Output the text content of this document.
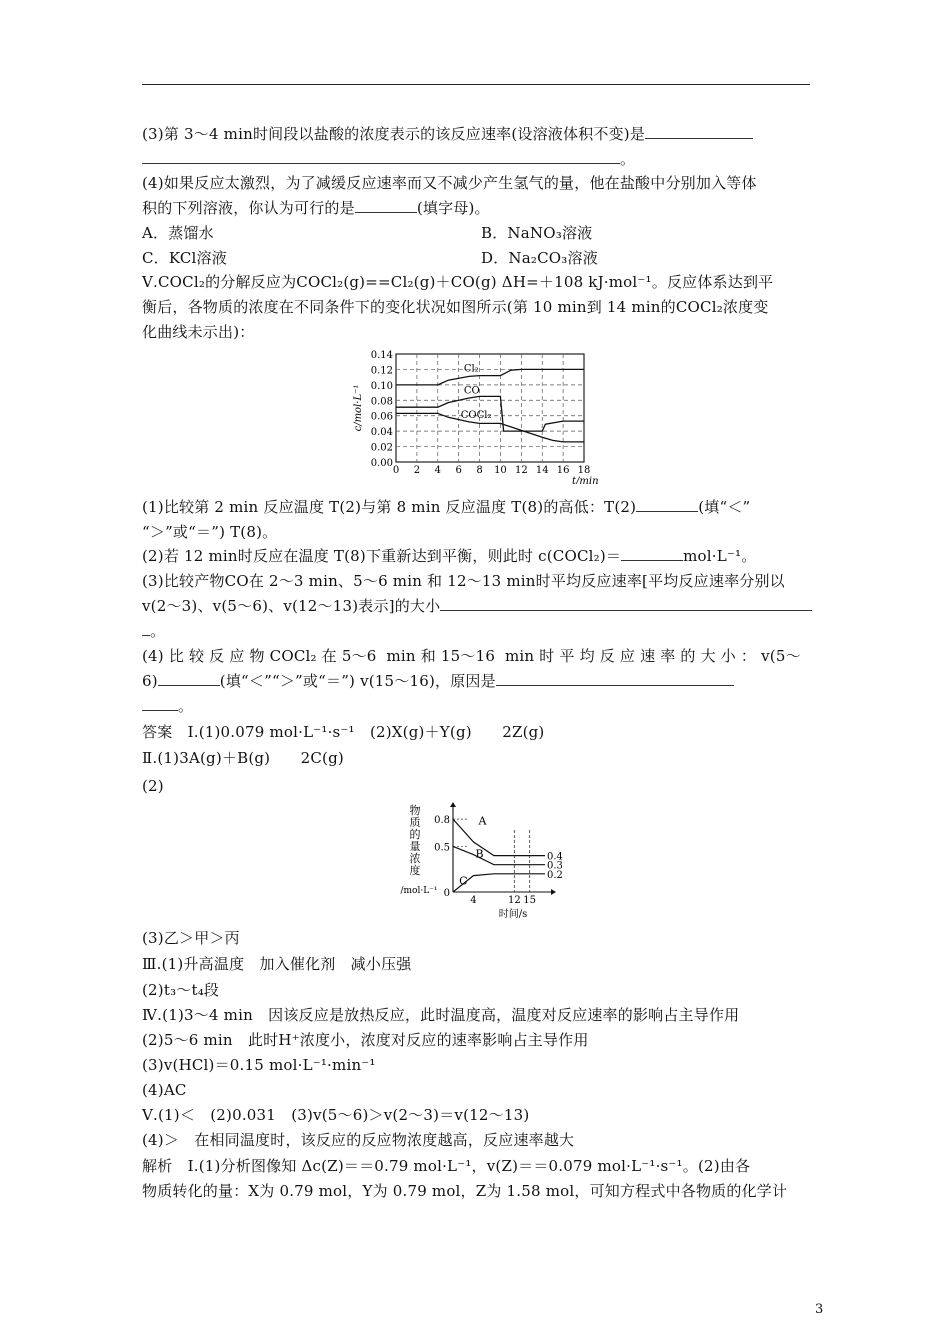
(3)第 3～4 min时间段以盐酸的浓度表示的该反应速率(设溶液体积不变)是
。
(4)如果反应太激烈，为了减缓反应速率而又不减少产生氢气的量，他在盐酸中分别加入等体
积的下列溶液，你认为可行的是	(填字母)。
A．蒸馏水	B．NaNO₃溶液
C．KCl溶液	D．Na₂CO₃溶液
Ⅴ.COCl₂的分解反应为COCl₂(g)==Cl₂(g)＋CO(g) ΔH=＋108 kJ·mol⁻¹。反应体系达到平
衡后，各物质的浓度在不同条件下的变化状况如图所示(第 10 min到 14 min的COCl₂浓度变
化曲线未示出)：
0.00
0.02
0.04
0.06
0.08
0.10
0.12
0.14
0 2 4 6 8 10 12 14 16 18
t/min
c/mol·L⁻¹
Cl₂
CO
COCl₂
(1)比较第 2 min 反应温度 T(2)与第 8 min 反应温度 T(8)的高低：T(2)	(填“＜”
“＞”或“＝”) T(8)。
(2)若 12 min时反应在温度 T(8)下重新达到平衡，则此时 c(COCl₂)＝	mol·L⁻¹。
(3)比较产物CO在 2～3 min、5～6 min 和 12～13 min时平均反应速率[平均反应速率分别以
v(2～3)、v(5～6)、v(12～13)表示]的大小
。
(4) 比 较 反 应 物 COCl₂ 在 5～6  min 和 15～16  min 时 平 均 反 应 速 率 的 大 小 ： v(5～
6)	(填“＜”“＞”或“＝”) v(15～16)，原因是
。
答案　Ⅰ.(1)0.079 mol·L⁻¹·s⁻¹　(2)X(g)＋Y(g)　　2Z(g)
Ⅱ.(1)3A(g)＋B(g)　　2C(g)
(2)
0.8
0.5
0
4	12 15
时间/s
物
质
的
量
浓
度
/mol·L⁻¹
A
B
C
0.4
0.3
0.2
(3)乙＞甲＞丙
Ⅲ.(1)升高温度　加入催化剂　减小压强
(2)t₃～t₄段
Ⅳ.(1)3～4 min　因该反应是放热反应，此时温度高，温度对反应速率的影响占主导作用
(2)5～6 min　此时H⁺浓度小，浓度对反应的速率影响占主导作用
(3)v(HCl)＝0.15 mol·L⁻¹·min⁻¹
(4)AC
Ⅴ.(1)＜　(2)0.031　(3)v(5～6)＞v(2～3)＝v(12～13)
(4)＞　在相同温度时，该反应的反应物浓度越高，反应速率越大
解析　Ⅰ.(1)分析图像知 Δc(Z)＝＝0.79 mol·L⁻¹，v(Z)＝＝0.079 mol·L⁻¹·s⁻¹。(2)由各
物质转化的量：X为 0.79 mol，Y为 0.79 mol，Z为 1.58 mol，可知方程式中各物质的化学计
3
